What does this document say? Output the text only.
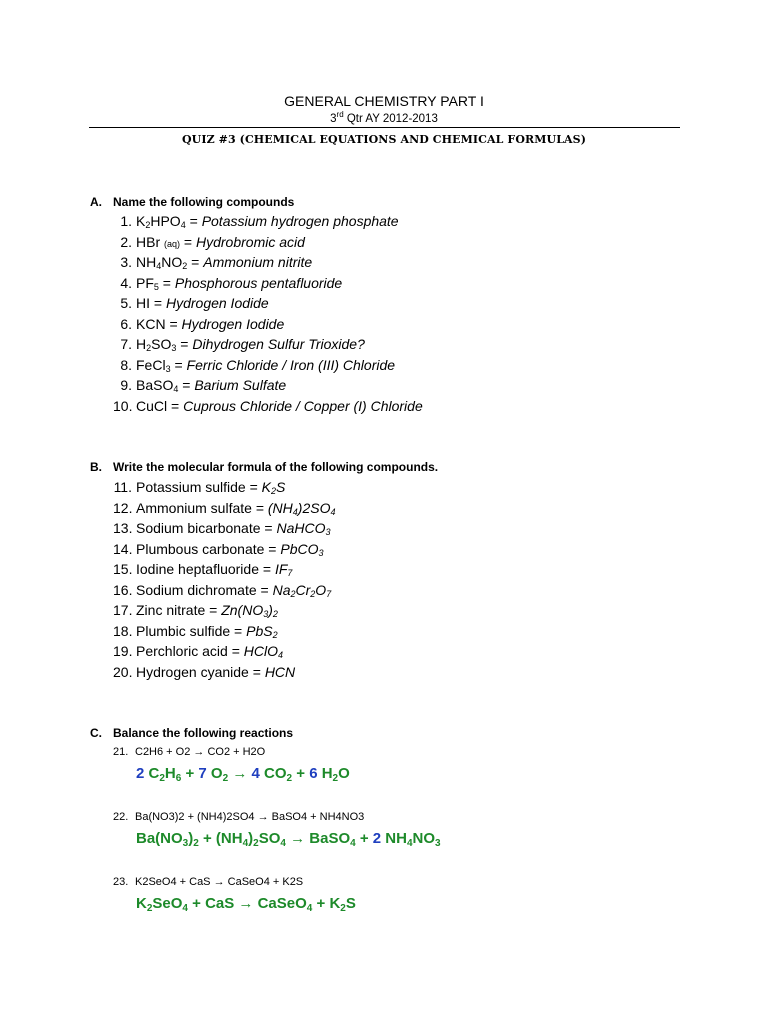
GENERAL CHEMISTRY PART I
3rd Qtr AY 2012-2013
QUIZ #3 (CHEMICAL EQUATIONS AND CHEMICAL FORMULAS)
A. Name the following compounds
1. $K_2HPO_4$ = Potassium hydrogen phosphate
2. HBr (aq) = Hydrobromic acid
3. $NH_4NO_2$ = Ammonium nitrite
4. $PF_5$ = Phosphorous pentafluoride
5. HI = Hydrogen Iodide
6. KCN = Hydrogen Iodide
7. $H_2SO_3$ = Dihydrogen Sulfur Trioxide?
8. FeCl$_3$ = Ferric Chloride / Iron (III) Chloride
9. BaSO$_4$ = Barium Sulfate
10. CuCl = Cuprous Chloride / Copper (I) Chloride
B. Write the molecular formula of the following compounds.
11. Potassium sulfide = $K_2S$
12. Ammonium sulfate = $(NH_4)2SO_4$
13. Sodium bicarbonate = NaHCO$_3$
14. Plumbous carbonate = PbCO$_3$
15. Iodine heptafluoride = $IF_7$
16. Sodium dichromate = $Na_2Cr_2O_7$
17. Zinc nitrate = $Zn(NO_3)_2$
18. Plumbic sulfide = PbS$_2$
19. Perchloric acid = HClO$_4$
20. Hydrogen cyanide = HCN
C. Balance the following reactions
21. C2H6 + O2 → CO2 + H2O
2 $C_2H_6 + 7$ $O_2 \to 4$ $CO_2 + 6$ $H_2O$
22. Ba(NO3)2 + (NH4)2SO4 → BaSO4 + NH4NO3
$Ba(NO_3)_2 + (NH_4)_2SO_4$ → BaSO$_4$ + 2 $NH_4NO_3$
23. K2SeO4 + CaS → CaSeO4 + K2S
$K_2SeO_4$ + CaS → CaSeO$_4$ + $K_2S$
